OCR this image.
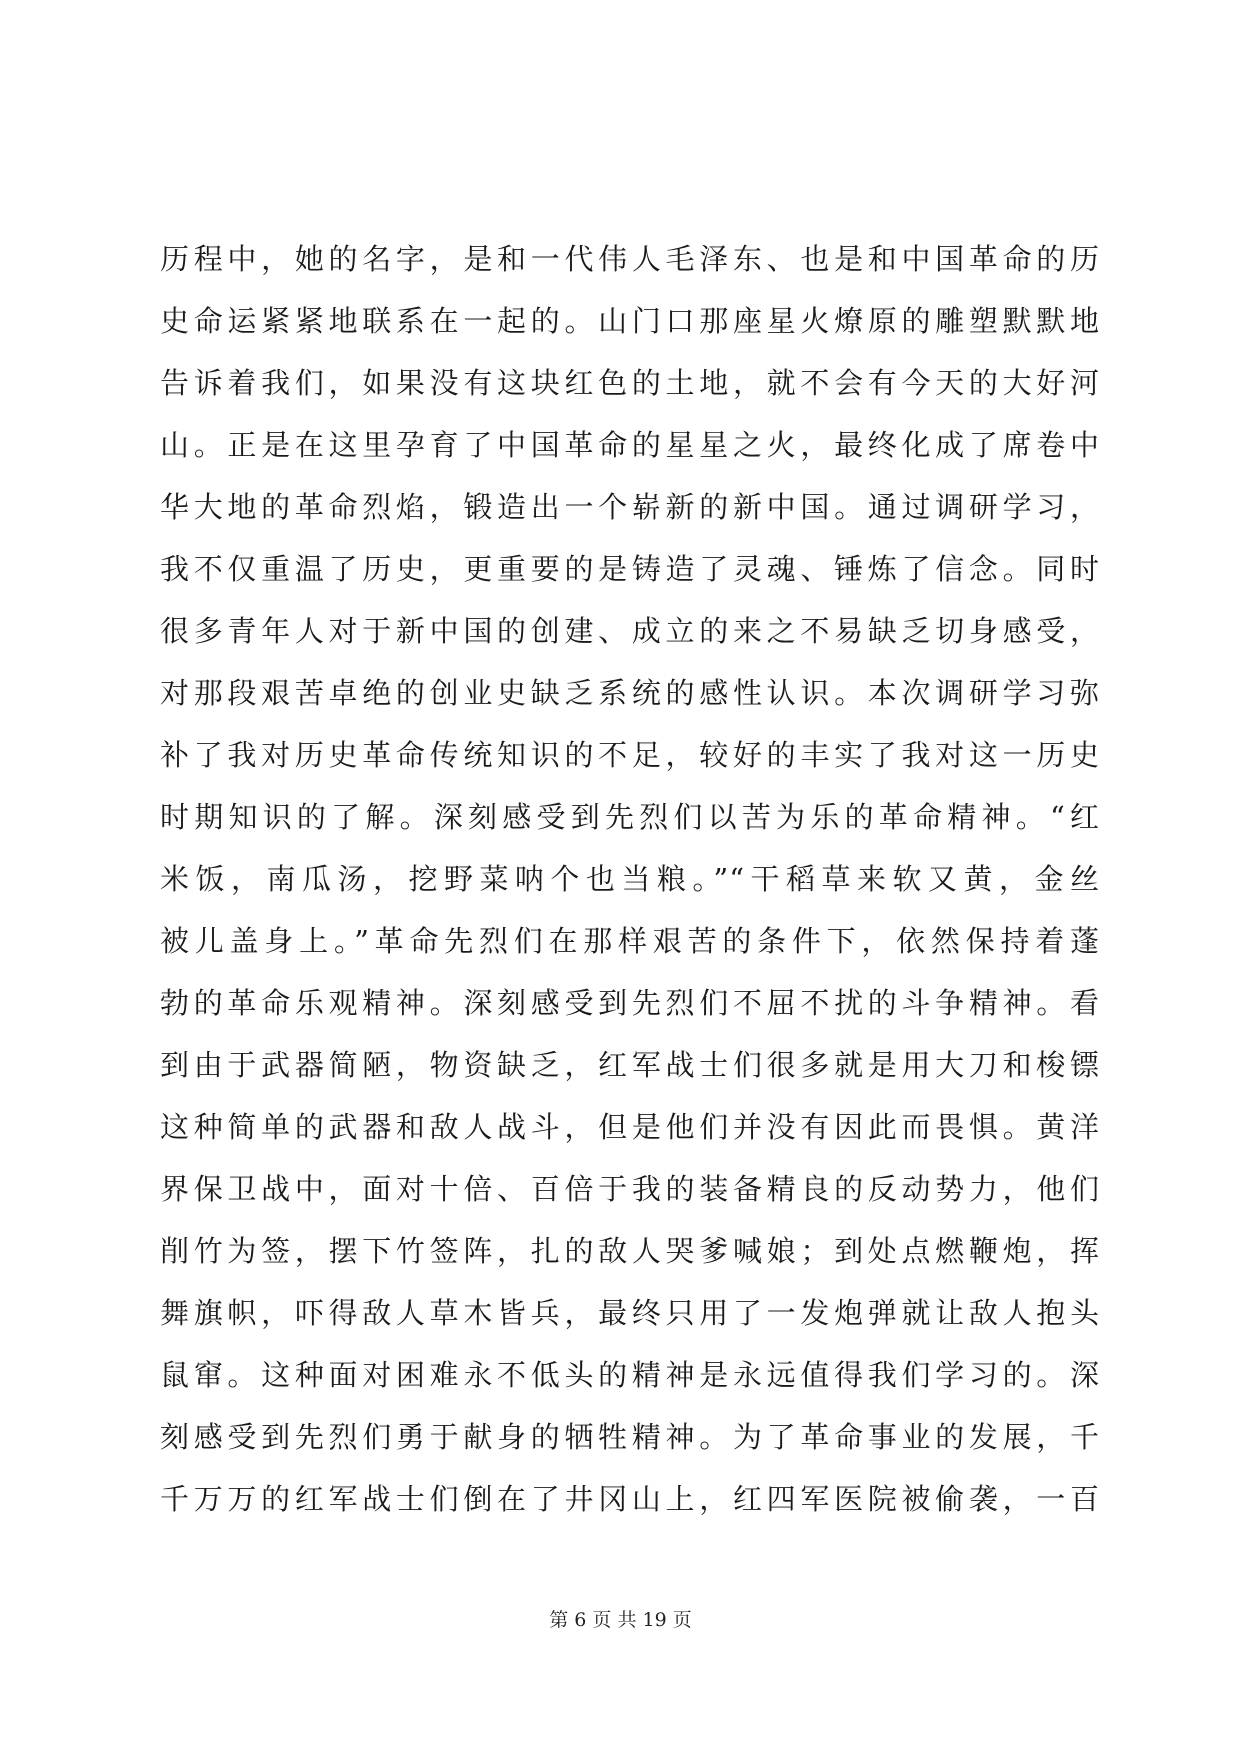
历程中，她的名字，是和一代伟人毛泽东、也是和中国革命的历
史命运紧紧地联系在一起的。山门口那座星火燎原的雕塑默默地
告诉着我们，如果没有这块红色的土地，就不会有今天的大好河
山。正是在这里孕育了中国革命的星星之火，最终化成了席卷中
华大地的革命烈焰，锻造出一个崭新的新中国。通过调研学习，
我不仅重温了历史，更重要的是铸造了灵魂、锤炼了信念。同时
很多青年人对于新中国的创建、成立的来之不易缺乏切身感受，
对那段艰苦卓绝的创业史缺乏系统的感性认识。本次调研学习弥
补了我对历史革命传统知识的不足，较好的丰实了我对这一历史
时期知识的了解。深刻感受到先烈们以苦为乐的革命精神。“红
米饭，南瓜汤，挖野菜呐个也当粮。”“干稻草来软又黄，金丝
被儿盖身上。”革命先烈们在那样艰苦的条件下，依然保持着蓬
勃的革命乐观精神。深刻感受到先烈们不屈不扰的斗争精神。看
到由于武器简陋，物资缺乏，红军战士们很多就是用大刀和梭镖
这种简单的武器和敌人战斗，但是他们并没有因此而畏惧。黄洋
界保卫战中，面对十倍、百倍于我的装备精良的反动势力，他们
削竹为签，摆下竹签阵，扎的敌人哭爹喊娘；到处点燃鞭炮，挥
舞旗帜，吓得敌人草木皆兵，最终只用了一发炮弹就让敌人抱头
鼠窜。这种面对困难永不低头的精神是永远值得我们学习的。深
刻感受到先烈们勇于献身的牺牲精神。为了革命事业的发展，千
千万万的红军战士们倒在了井冈山上，红四军医院被偷袭，一百
第 6 页 共 19 页
